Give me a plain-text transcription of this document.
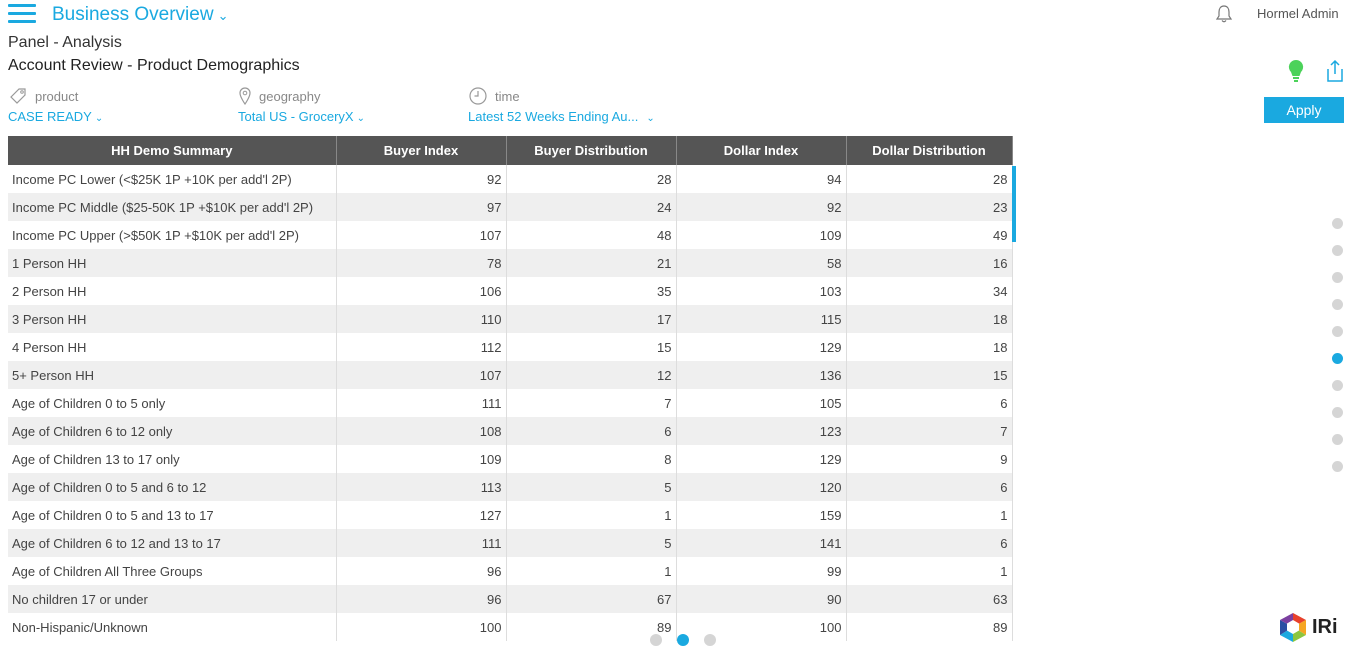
Business Overview ⌄	Hormel Admin
Panel - Analysis
Account Review - Product Demographics
product
CASE READY ⌄
geography
Total US - GroceryX ⌄
time
Latest 52 Weeks Ending Au... ⌄
Apply
HH Demo Summary	Buyer Index	Buyer Distribution	Dollar Index	Dollar Distribution
Income PC Lower (<$25K 1P +10K per add'l 2P)	92	28	94	28
Income PC Middle ($25-50K 1P +$10K per add'l 2P)	97	24	92	23
Income PC Upper (>$50K 1P +$10K per add'l 2P)	107	48	109	49
1 Person HH	78	21	58	16
2 Person HH	106	35	103	34
3 Person HH	110	17	115	18
4 Person HH	112	15	129	18
5+ Person HH	107	12	136	15
Age of Children 0 to 5 only	111	7	105	6
Age of Children 6 to 12 only	108	6	123	7
Age of Children 13 to 17 only	109	8	129	9
Age of Children 0 to 5 and 6 to 12	113	5	120	6
Age of Children 0 to 5 and 13 to 17	127	1	159	1
Age of Children 6 to 12 and 13 to 17	111	5	141	6
Age of Children All Three Groups	96	1	99	1
No children 17 or under	96	67	90	63
Non-Hispanic/Unknown	100	89	100	89	IRi
